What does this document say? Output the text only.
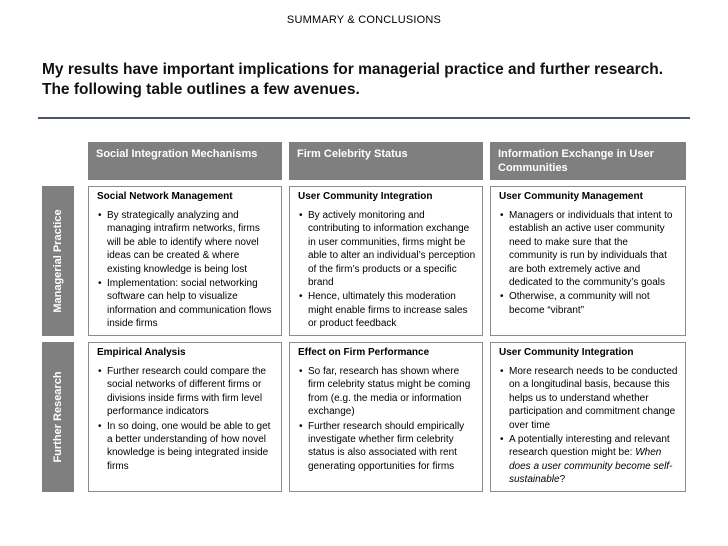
SUMMARY & CONCLUSIONS
My results have important implications for managerial practice and further research. The following table outlines a few avenues.
Social Integration Mechanisms	Firm Celebrity Status	Information Exchange in User Communities
Managerial Practice
Further Research
Social Network Management
• By strategically analyzing and managing intrafirm networks, firms will be able to identify where novel ideas can be created & where existing knowledge is being lost
• Implementation: social networking software can help to visualize information and communication flows inside firms
User Community Integration
• By actively monitoring and contributing to information exchange in user communities, firms might be able to alter an individual’s perception of the firm’s products or a specific brand
• Hence, ultimately this moderation might enable firms to increase sales or product feedback
User Community Management
• Managers or individuals that intent to establish an active user community need to make sure that the community is run by individuals that are both extremely active and dedicated to the community’s goals
• Otherwise, a community will not become “vibrant”
Empirical Analysis
• Further research could compare the social networks of different firms or divisions inside firms with firm level performance indicators
• In so doing, one would be able to get a better understanding of how novel knowledge is being integrated inside firms
Effect on Firm Performance
• So far, research has shown where firm celebrity status might be coming from (e.g. the media or information exchange)
• Further research should empirically investigate whether firm celebrity status is also associated with rent generating opportunities for firms
User Community Integration
• More research needs to be conducted on a longitudinal basis, because this helps us to understand whether participation and commitment change over time
• A potentially interesting and relevant research question might be: When does a user community become self-sustainable?
